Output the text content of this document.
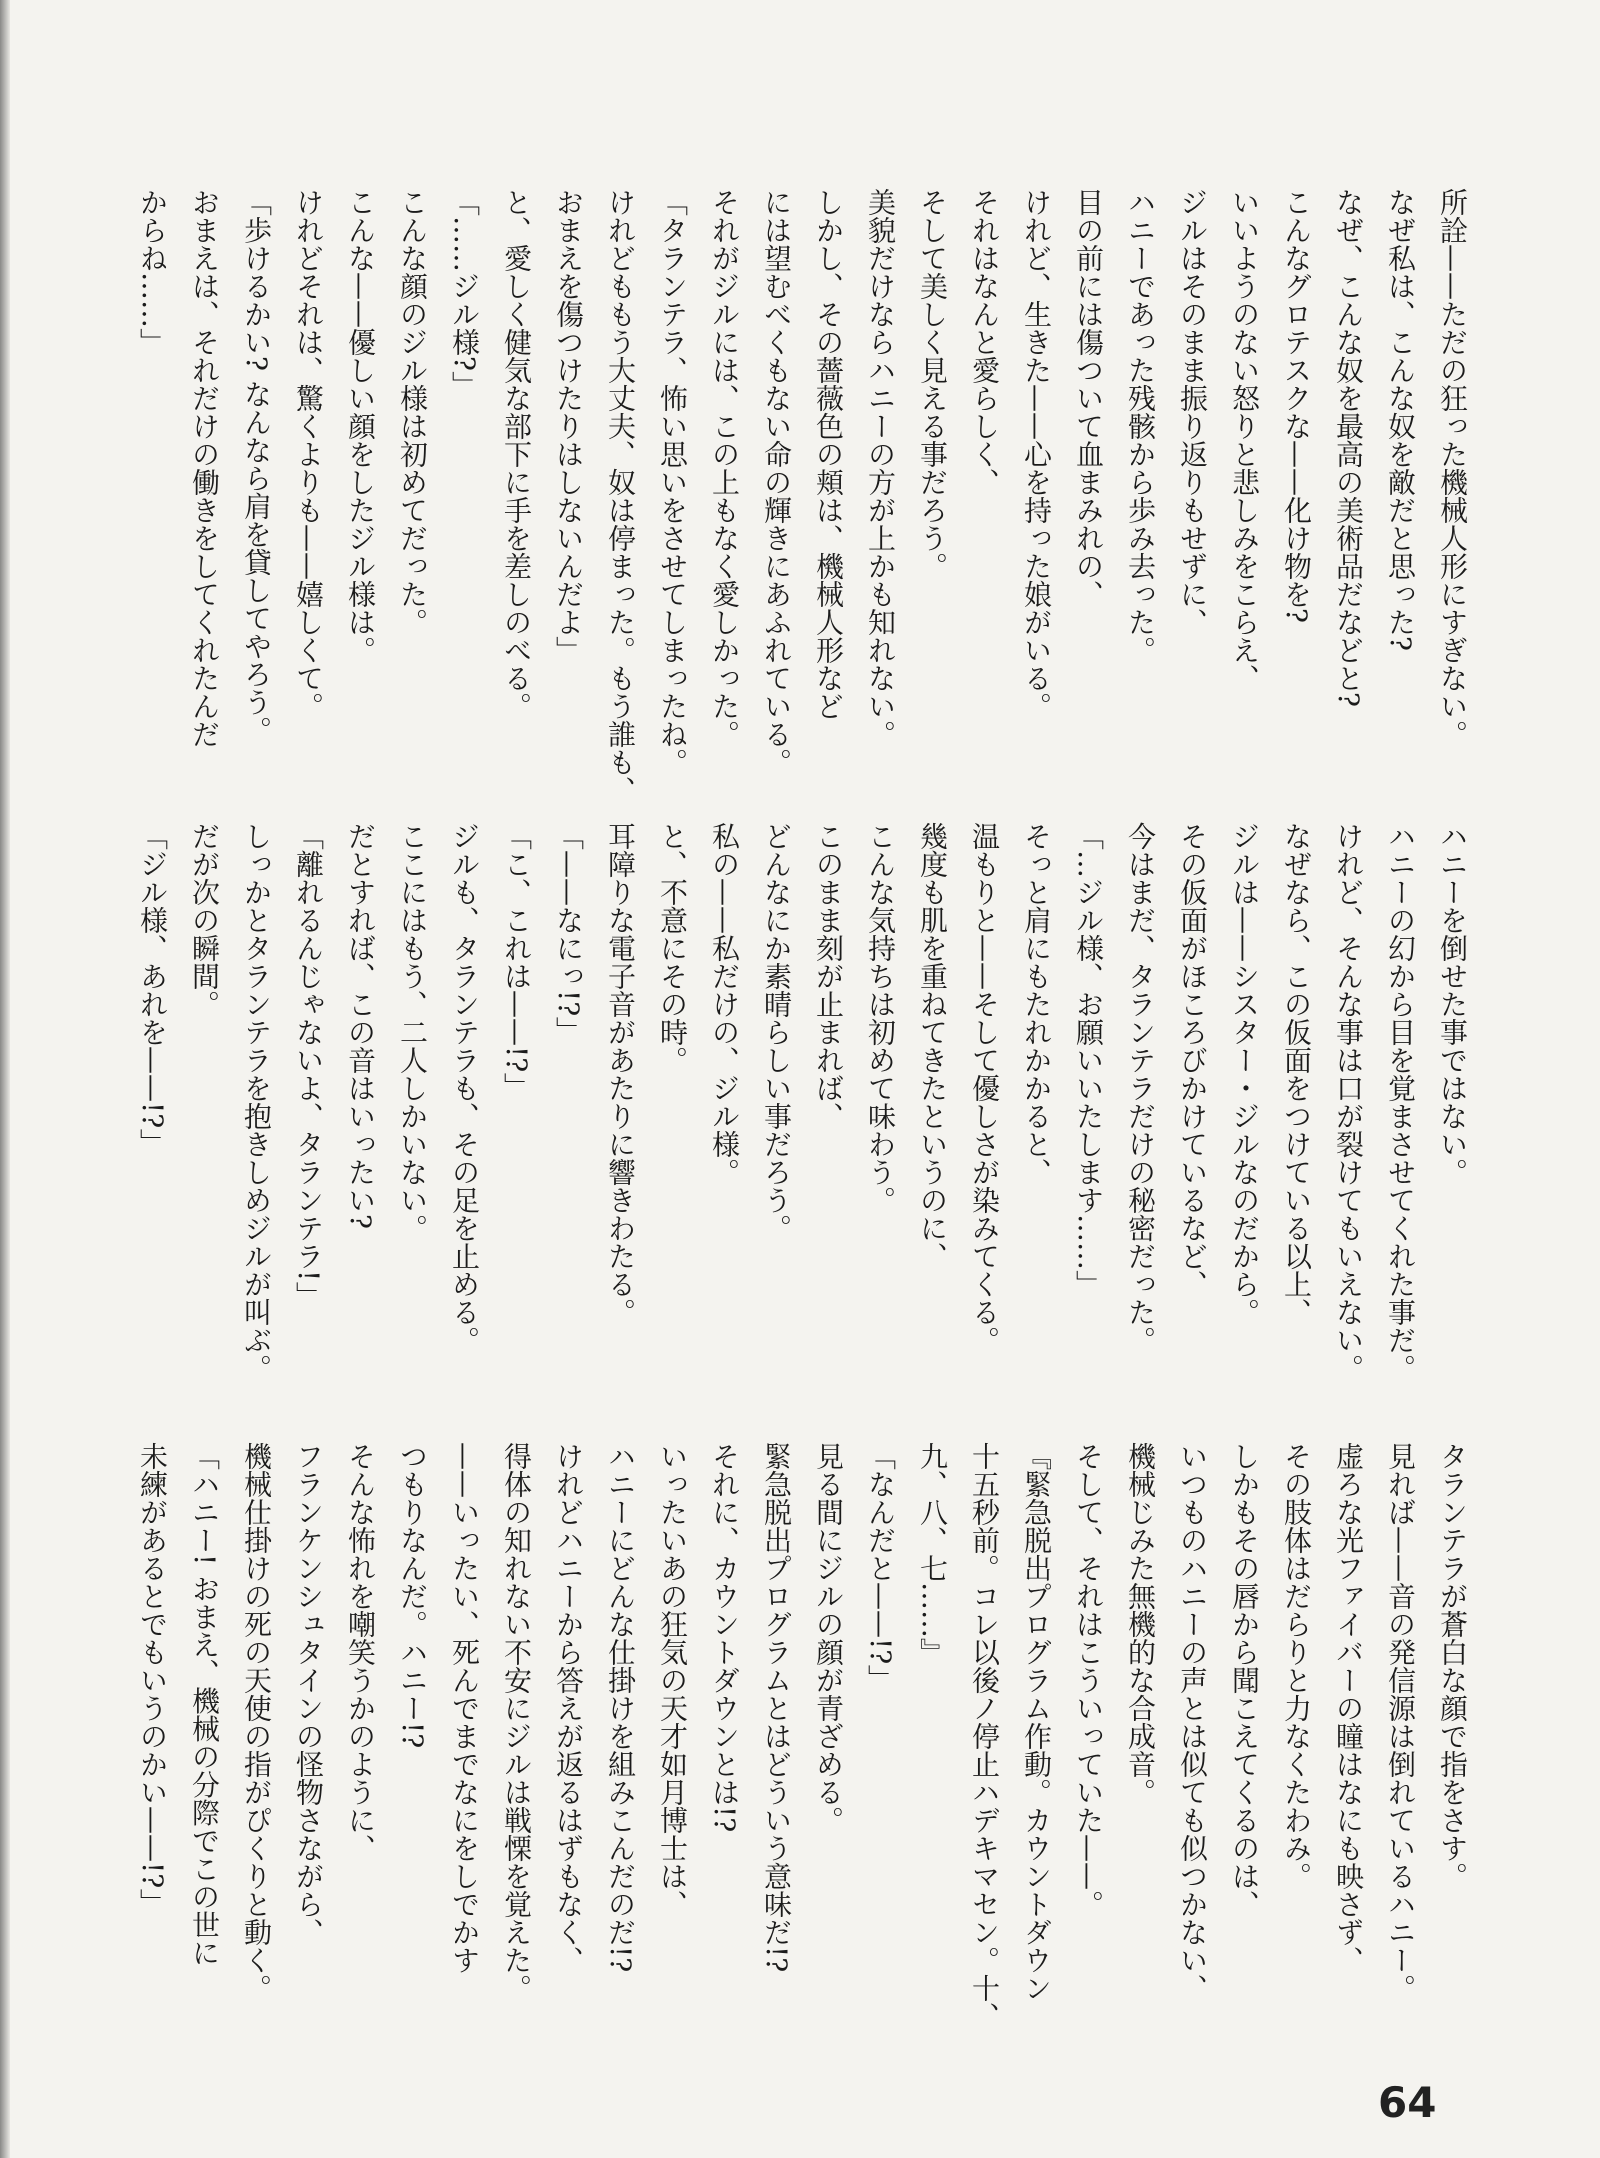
所詮——ただの狂った機械人形にすぎない。
なぜ私は、こんな奴を敵だと思った?
なぜ、こんな奴を最高の美術品だなどと?
こんなグロテスクな——化け物を?
いいようのない怒りと悲しみをこらえ、
ジルはそのまま振り返りもせずに、
ハニーであった残骸から歩み去った。
目の前には傷ついて血まみれの、
けれど、生きた——心を持った娘がいる。
それはなんと愛らしく、
そして美しく見える事だろう。
美貌だけならハニーの方が上かも知れない。
しかし、その薔薇色の頬は、機械人形など
には望むべくもない命の輝きにあふれている。
それがジルには、この上もなく愛しかった。
「タランテラ、怖い思いをさせてしまったね。
けれどももう大丈夫、奴は停まった。もう誰も、
おまえを傷つけたりはしないんだよ」
と、愛しく健気な部下に手を差しのべる。
「……ジル様?」
こんな顔のジル様は初めてだった。
こんな——優しい顔をしたジル様は。
けれどそれは、驚くよりも——嬉しくて。
「歩けるかい? なんなら肩を貸してやろう。
おまえは、それだけの働きをしてくれたんだ
からね……」
ハニーを倒せた事ではない。
ハニーの幻から目を覚まさせてくれた事だ。
けれど、そんな事は口が裂けてもいえない。
なぜなら、この仮面をつけている以上、
ジルは——シスター・ジルなのだから。
その仮面がほころびかけているなど、
今はまだ、タランテラだけの秘密だった。
「…ジル様、お願いいたします……」
そっと肩にもたれかかると、
温もりと——そして優しさが染みてくる。
幾度も肌を重ねてきたというのに、
こんな気持ちは初めて味わう。
このまま刻が止まれば、
どんなにか素晴らしい事だろう。
私の——私だけの、ジル様。
と、不意にその時。
耳障りな電子音があたりに響きわたる。
「——なにっ!?」
「こ、これは——!?」
ジルも、タランテラも、その足を止める。
ここにはもう、二人しかいない。
だとすれば、この音はいったい?
「離れるんじゃないよ、タランテラ!」
しっかとタランテラを抱きしめジルが叫ぶ。
だが次の瞬間。
「ジル様、あれを——!?」
タランテラが蒼白な顔で指をさす。
見れば——音の発信源は倒れているハニー。
虚ろな光ファイバーの瞳はなにも映さず、
その肢体はだらりと力なくたわみ。
しかもその唇から聞こえてくるのは、
いつものハニーの声とは似ても似つかない、
機械じみた無機的な合成音。
そして、それはこういっていた——。
『緊急脱出プログラム作動。カウントダウン
十五秒前。コレ以後ノ停止ハデキマセン。十、
九、八、七……』
「なんだと——!?」
見る間にジルの顔が青ざめる。
緊急脱出プログラムとはどういう意味だ!?
それに、カウントダウンとは!?
いったいあの狂気の天才如月博士は、
ハニーにどんな仕掛けを組みこんだのだ!?
けれどハニーから答えが返るはずもなく、
得体の知れない不安にジルは戦慄を覚えた。
——いったい、死んでまでなにをしでかす
つもりなんだ。ハニー!?
そんな怖れを嘲笑うかのように、
フランケンシュタインの怪物さながら、
機械仕掛けの死の天使の指がぴくりと動く。
「ハニー! おまえ、機械の分際でこの世に
未練があるとでもいうのかい——!?」
64
